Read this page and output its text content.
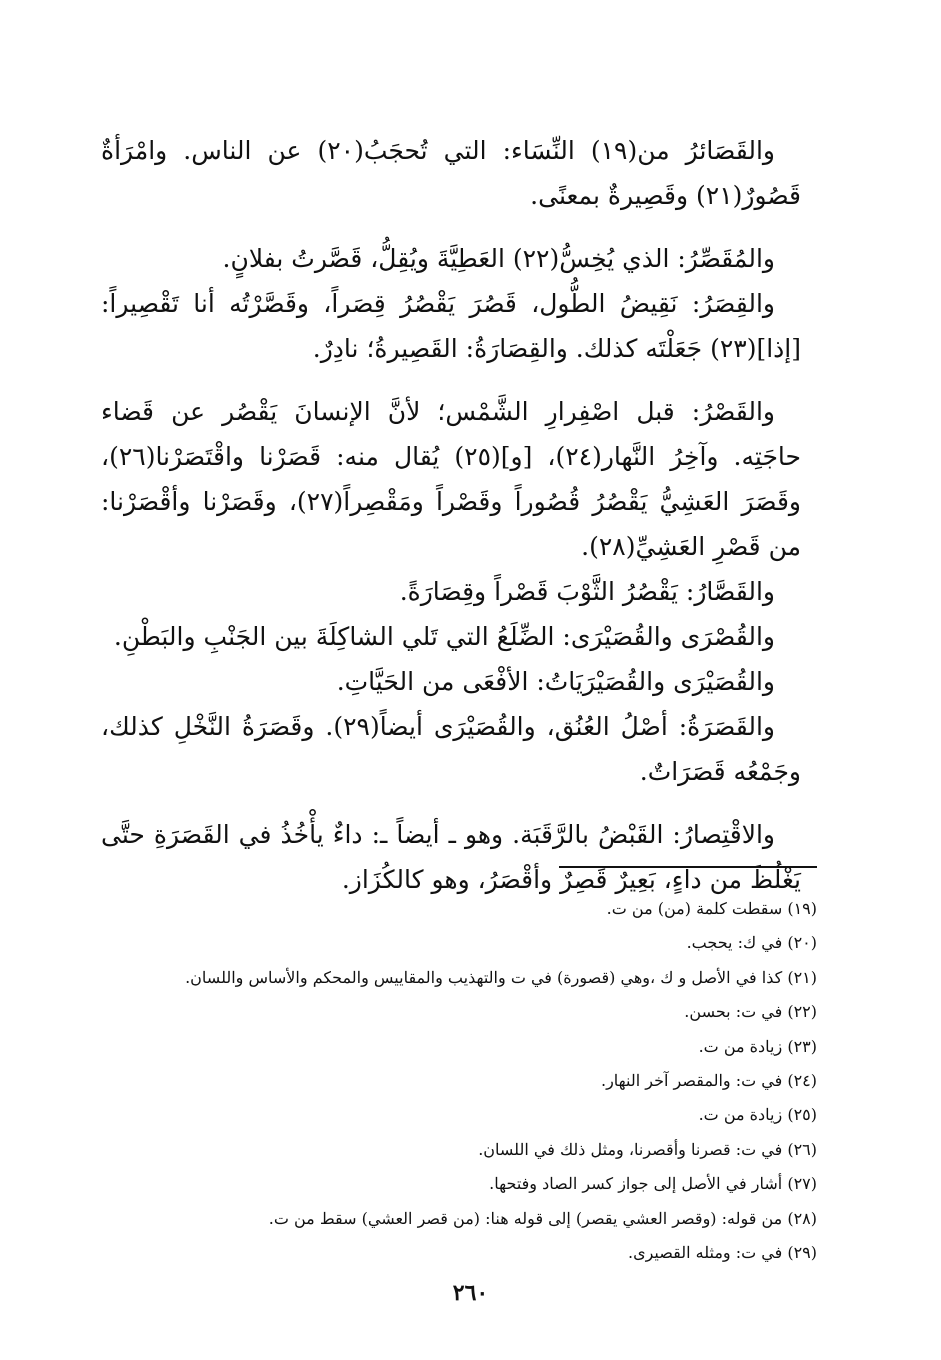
والقَصَائرُ من(١٩) النِّسَاء: التي تُحجَبُ(٢٠) عن الناس. وامْرَأةٌ قَصُورٌ(٢١) وقَصِيرةٌ بمعنًى.

والمُقَصِّرُ: الذي يُخِسُّ(٢٢) العَطِيَّةَ ويُقِلُّ، قَصَّرتُ بفلانٍ.

والقِصَرُ: نَقِيضُ الطُّول، قَصُرَ يَقْصُرُ قِصَراً، وقَصَّرْتُه أنا تَقْصِيراً: [إذا](٢٣) جَعَلْتَه كذلك. والقِصَارَةُ: القَصِيرةُ؛ نادِرٌ.

والقَصْرُ: قبل اصْفِرارِ الشَّمْس؛ لأنَّ الإنسانَ يَقْصُر عن قَضاء حاجَتِه. وآخِرُ النَّهار(٢٤)، [و](٢٥) يُقال منه: قَصَرْنا واقْتَصَرْنا(٢٦)، وقَصَرَ العَشِيُّ يَقْصُرُ قُصُوراً وقَصْراً ومَقْصِراً(٢٧)، وقَصَرْنا وأقْصَرْنا: من قَصْرِ العَشِيِّ(٢٨).

والقَصَّارُ: يَقْصُرُ الثَّوْبَ قَصْراً وقِصَارَةً.

والقُصْرَى والقُصَيْرَى: الضِّلَعُ التي تَلي الشاكِلَةَ بين الجَنْبِ والبَطْنِ.

والقُصَيْرَى والقُصَيْرَيَاتُ: الأفْعَى من الحَيَّاتِ.

والقَصَرَةُ: أصْلُ العُنُق، والقُصَيْرَى أيضاً(٢٩). وقَصَرَةُ النَّخْلِ كذلك، وجَمْعُه قَصَرَاتٌ.

والاقْتِصارُ: القَبْضُ بالرَّقَبَة. وهو ـ أيضاً ـ: داءٌ يأْخُذُ في القَصَرَةِ حتَّى يَغْلُظَ من داءٍ، بَعِيرٌ قَصِرٌ وأقْصَرُ، وهو كالكُزَاز.

(١٩) سقطت كلمة (من) من ت.
(٢٠) في ك: يحجب.
(٢١) كذا في الأصل و ك ،وهي (قصورة) في ت والتهذيب والمقاييس والمحكم والأساس واللسان.
(٢٢) في ت: بحسن.
(٢٣) زيادة من ت.
(٢٤) في ت: والمقصر آخر النهار.
(٢٥) زيادة من ت.
(٢٦) في ت: قصرنا وأقصرنا، ومثل ذلك في اللسان.
(٢٧) أشار في الأصل إلى جواز كسر الصاد وفتحها.
(٢٨) من قوله: (وقصر العشي يقصر) إلى قوله هنا: (من قصر العشي) سقط من ت.
(٢٩) في ت: ومثله القصيرى.
٢٦٠
